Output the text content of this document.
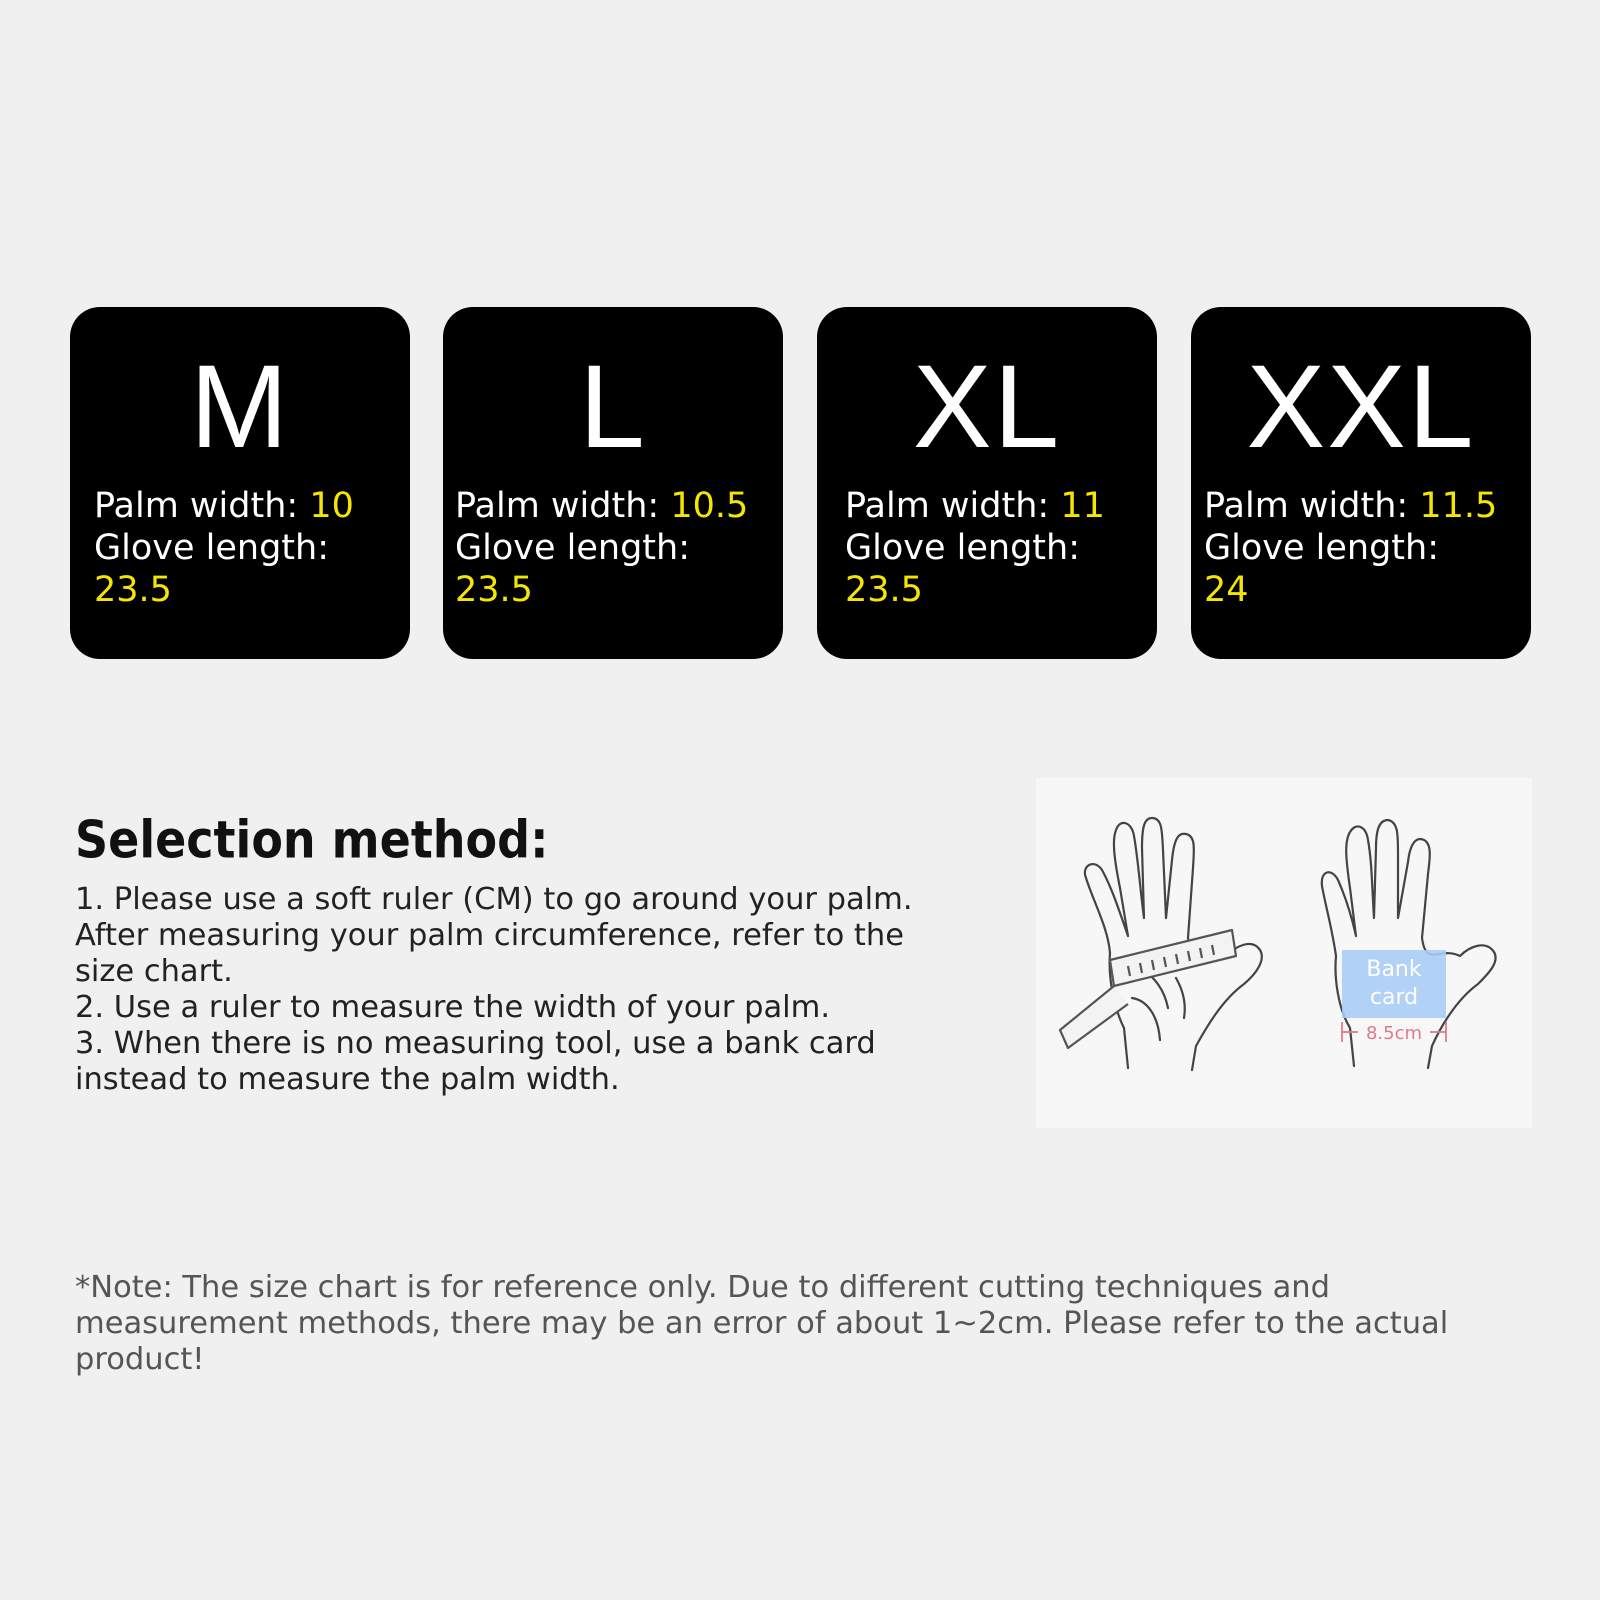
M
Palm width: 10
Glove length:
23.5
L
Palm width: 10.5
Glove length:
23.5
XL
Palm width: 11
Glove length:
23.5
XXL
Palm width: 11.5
Glove length:
24
Selection method:
1. Please use a soft ruler (CM) to go around your palm. After measuring your palm circumference, refer to the size chart.
2. Use a ruler to measure the width of your palm.
3. When there is no measuring tool, use a bank card instead to measure the palm width.
Bank
card
8.5cm
*Note: The size chart is for reference only. Due to different cutting techniques and measurement methods, there may be an error of about 1~2cm. Please refer to the actual product!
